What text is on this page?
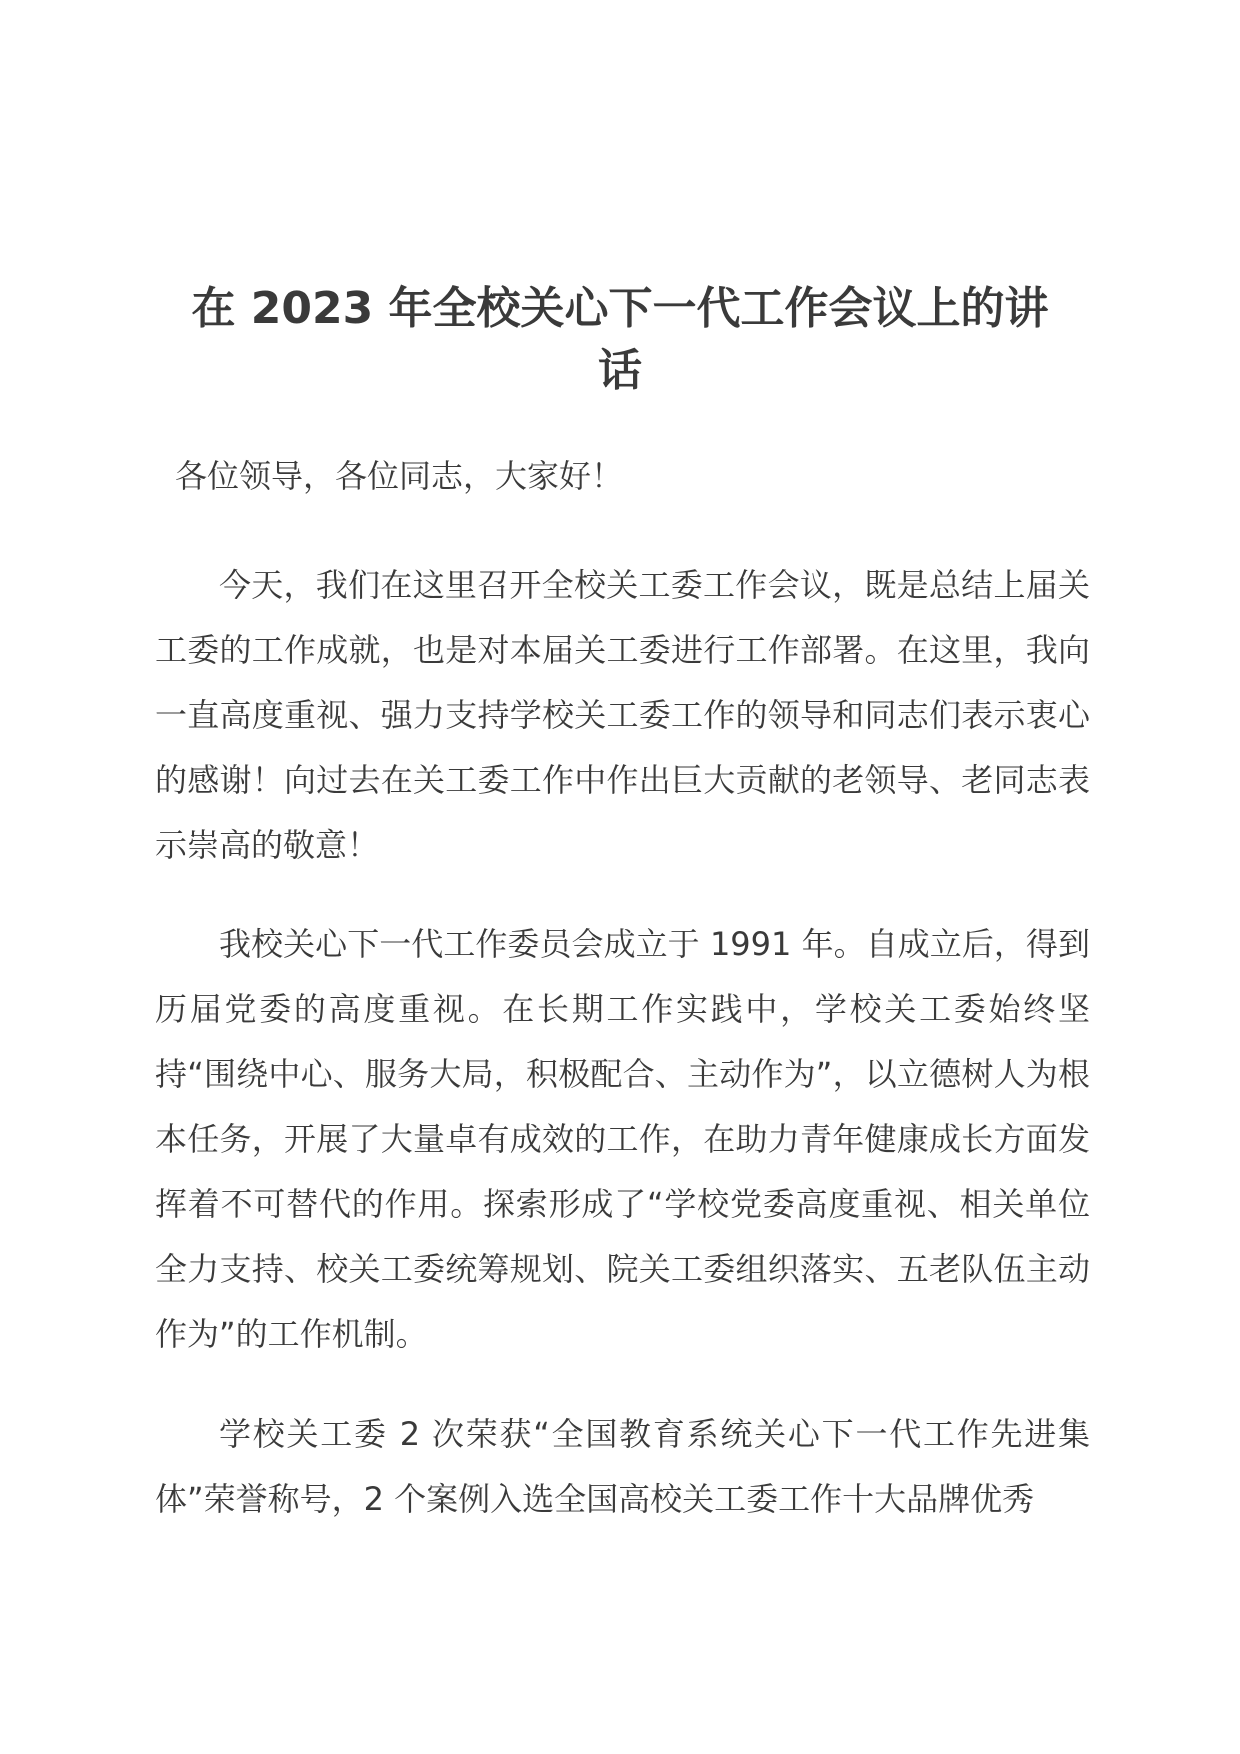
在 2023 年全校关心下一代工作会议上的讲话

各位领导，各位同志，大家好！

今天，我们在这里召开全校关工委工作会议，既是总结上届关工委的工作成就，也是对本届关工委进行工作部署。在这里，我向一直高度重视、强力支持学校关工委工作的领导和同志们表示衷心的感谢！向过去在关工委工作中作出巨大贡献的老领导、老同志表示崇高的敬意！

我校关心下一代工作委员会成立于 1991 年。自成立后，得到历届党委的高度重视。在长期工作实践中，学校关工委始终坚持“围绕中心、服务大局，积极配合、主动作为”，以立德树人为根本任务，开展了大量卓有成效的工作，在助力青年健康成长方面发挥着不可替代的作用。探索形成了“学校党委高度重视、相关单位全力支持、校关工委统筹规划、院关工委组织落实、五老队伍主动作为”的工作机制。

学校关工委 2 次荣获“全国教育系统关心下一代工作先进集体”荣誉称号，2 个案例入选全国高校关工委工作十大品牌优秀
